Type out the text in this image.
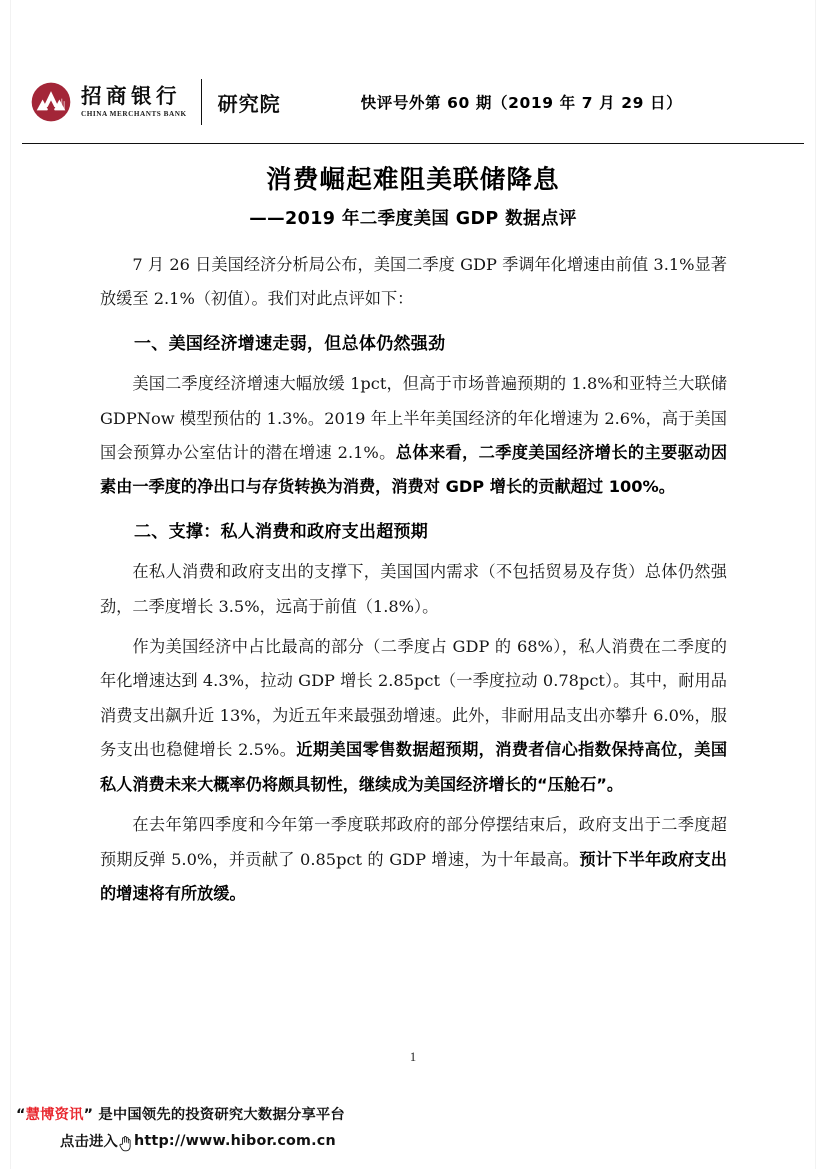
招商银行
CHINA MERCHANTS BANK 研究院	快评号外第 60 期（2019 年 7 月 29 日）
消费崛起难阻美联储降息
——2019 年二季度美国 GDP 数据点评

7 月 26 日美国经济分析局公布，美国二季度 GDP 季调年化增速由前值 3.1%显著放缓至 2.1%（初值）。我们对此点评如下：

一、美国经济增速走弱，但总体仍然强劲

美国二季度经济增速大幅放缓 1pct，但高于市场普遍预期的 1.8%和亚特兰大联储 GDPNow 模型预估的 1.3%。2019 年上半年美国经济的年化增速为 2.6%，高于美国国会预算办公室估计的潜在增速 2.1%。总体来看，二季度美国经济增长的主要驱动因素由一季度的净出口与存货转换为消费，消费对 GDP 增长的贡献超过 100%。

二、支撑：私人消费和政府支出超预期

在私人消费和政府支出的支撑下，美国国内需求（不包括贸易及存货）总体仍然强劲，二季度增长 3.5%，远高于前值（1.8%）。

作为美国经济中占比最高的部分（二季度占 GDP 的 68%），私人消费在二季度的年化增速达到 4.3%，拉动 GDP 增长 2.85pct（一季度拉动 0.78pct）。其中，耐用品消费支出飙升近 13%，为近五年来最强劲增速。此外，非耐用品支出亦攀升 6.0%，服务支出也稳健增长 2.5%。近期美国零售数据超预期，消费者信心指数保持高位，美国私人消费未来大概率仍将颇具韧性，继续成为美国经济增长的“压舱石”。

在去年第四季度和今年第一季度联邦政府的部分停摆结束后，政府支出于二季度超预期反弹 5.0%，并贡献了 0.85pct 的 GDP 增速，为十年最高。预计下半年政府支出的增速将有所放缓。

1
“慧博资讯” 是中国领先的投资研究大数据分享平台
点击进入 http://www.hibor.com.cn
